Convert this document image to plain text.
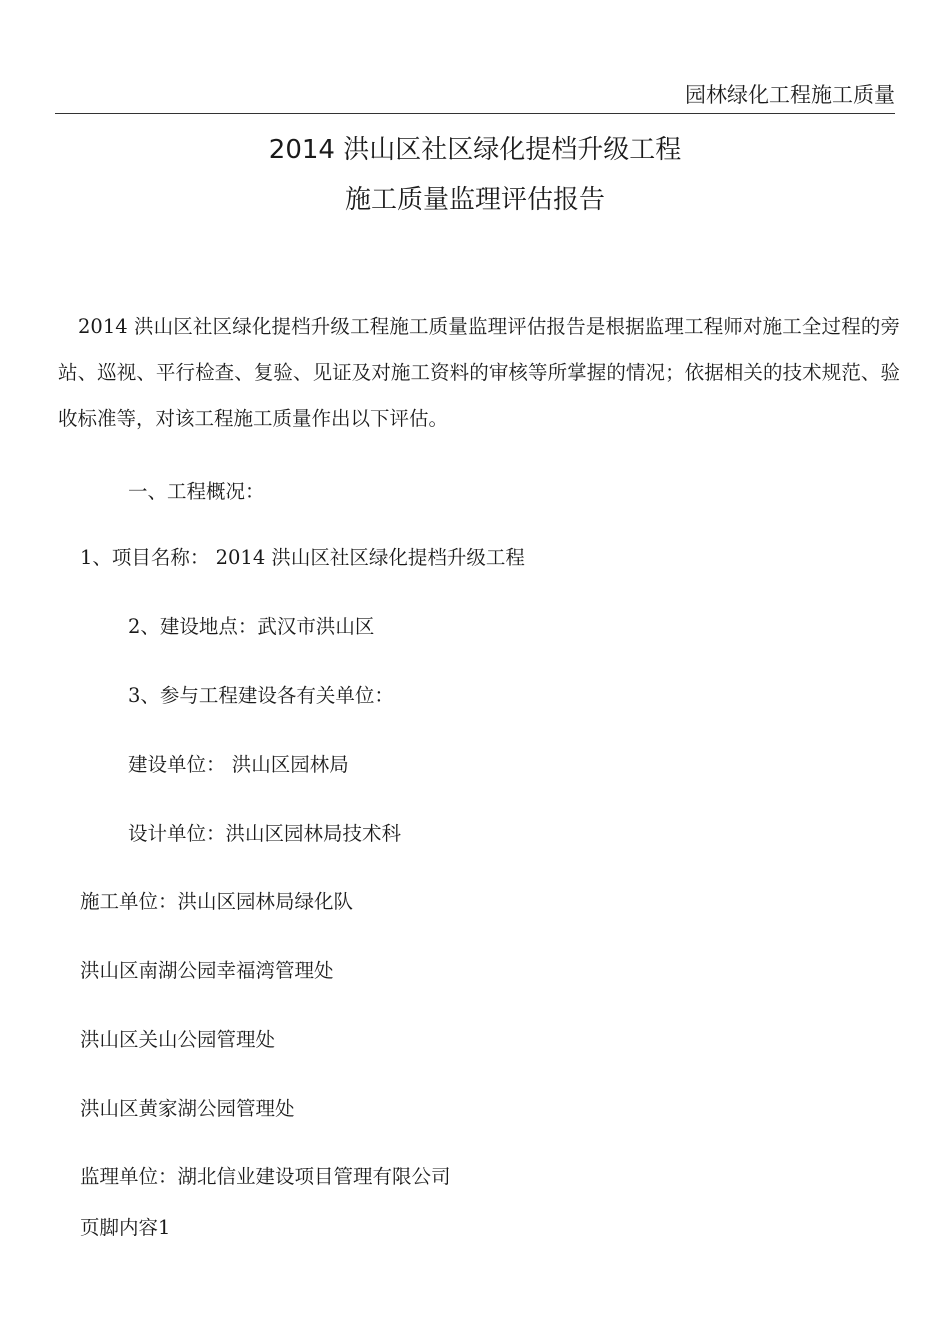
园林绿化工程施工质量
2014 洪山区社区绿化提档升级工程
施工质量监理评估报告

2014 洪山区社区绿化提档升级工程施工质量监理评估报告是根据监理工程师对施工全过程的旁站、巡视、平行检查、复验、见证及对施工资料的审核等所掌握的情况；依据相关的技术规范、验收标准等，对该工程施工质量作出以下评估。

一、工程概况：
1、项目名称： 2014 洪山区社区绿化提档升级工程
2、建设地点：武汉市洪山区
3、参与工程建设各有关单位：
建设单位： 洪山区园林局
设计单位：洪山区园林局技术科
施工单位：洪山区园林局绿化队
洪山区南湖公园幸福湾管理处
洪山区关山公园管理处
洪山区黄家湖公园管理处
监理单位：湖北信业建设项目管理有限公司
页脚内容1
